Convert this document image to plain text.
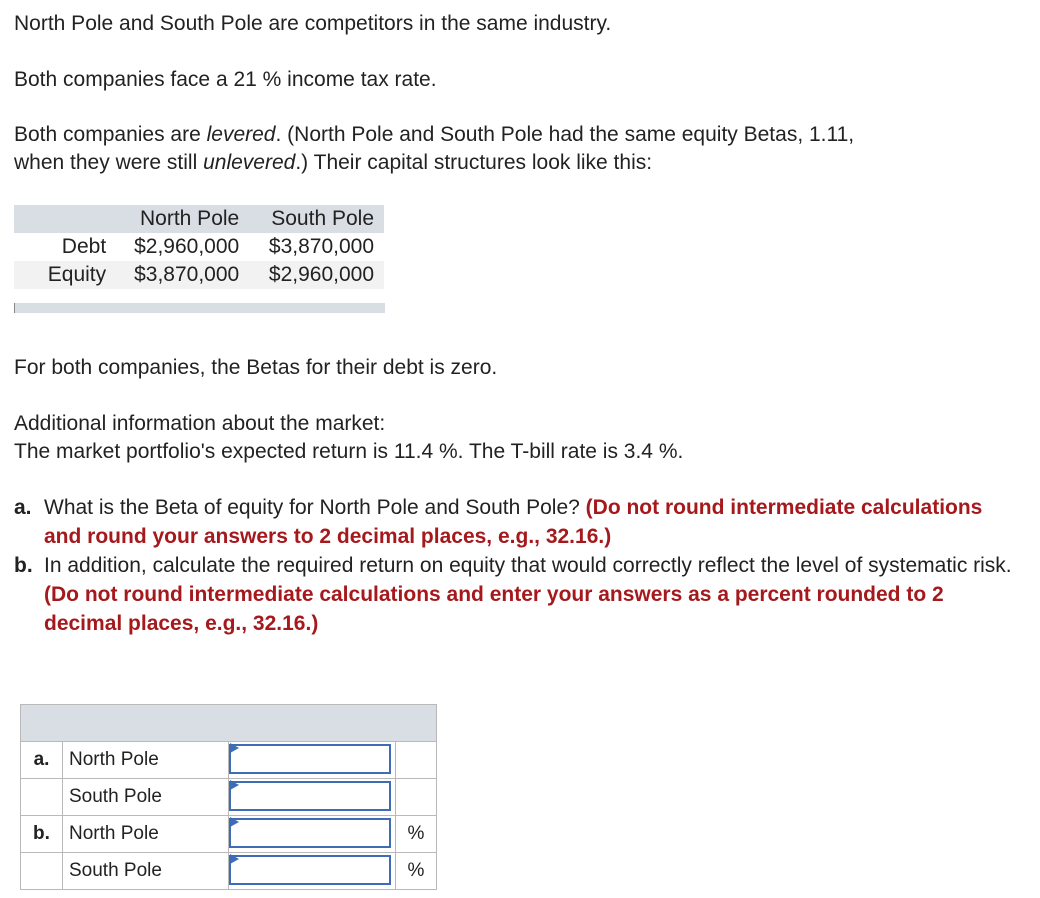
North Pole and South Pole are competitors in the same industry.
Both companies face a 21 % income tax rate.
Both companies are levered. (North Pole and South Pole had the same equity Betas, 1.11,
when they were still unlevered.) Their capital structures look like this:
	North Pole	South Pole
Debt	$2,960,000	$3,870,000
Equity	$3,870,000	$2,960,000
For both companies, the Betas for their debt is zero.
Additional information about the market:
The market portfolio's expected return is 11.4 %. The T-bill rate is 3.4 %.
a. What is the Beta of equity for North Pole and South Pole? (Do not round intermediate calculations and round your answers to 2 decimal places, e.g., 32.16.)
b. In addition, calculate the required return on equity that would correctly reflect the level of systematic risk. (Do not round intermediate calculations and enter your answers as a percent rounded to 2 decimal places, e.g., 32.16.)

a.	North Pole	

	South Pole	

b.	North Pole		%
	South Pole		%
